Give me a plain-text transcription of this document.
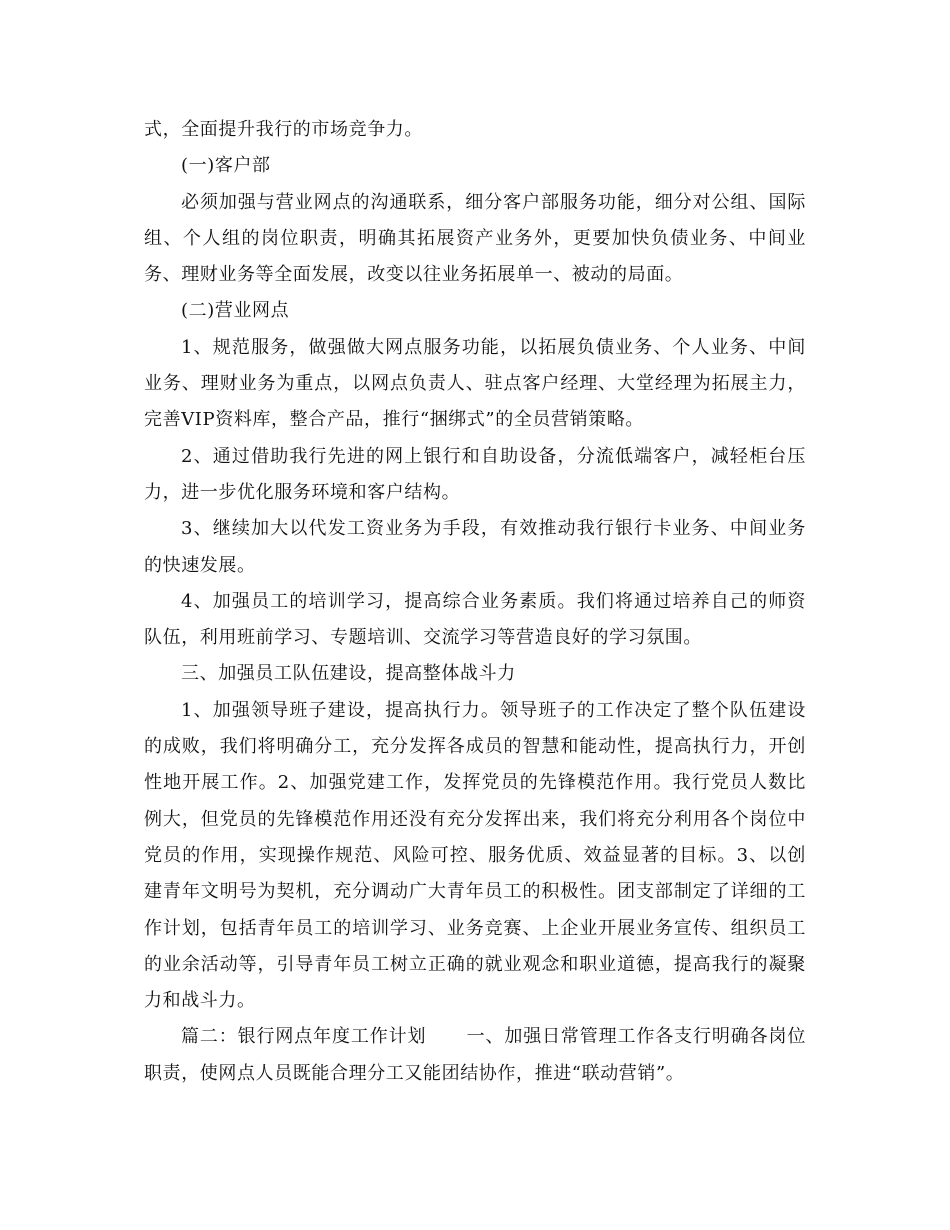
式，全面提升我行的市场竞争力。

(一)客户部

必须加强与营业网点的沟通联系，细分客户部服务功能，细分对公组、国际组、个人组的岗位职责，明确其拓展资产业务外，更要加快负债业务、中间业务、理财业务等全面发展，改变以往业务拓展单一、被动的局面。

(二)营业网点

1、规范服务，做强做大网点服务功能，以拓展负债业务、个人业务、中间业务、理财业务为重点，以网点负责人、驻点客户经理、大堂经理为拓展主力，完善VIP资料库，整合产品，推行“捆绑式”的全员营销策略。

2、通过借助我行先进的网上银行和自助设备，分流低端客户，减轻柜台压力，进一步优化服务环境和客户结构。

3、继续加大以代发工资业务为手段，有效推动我行银行卡业务、中间业务的快速发展。

4、加强员工的培训学习，提高综合业务素质。我们将通过培养自己的师资队伍，利用班前学习、专题培训、交流学习等营造良好的学习氛围。

三、加强员工队伍建设，提高整体战斗力

1、加强领导班子建设，提高执行力。领导班子的工作决定了整个队伍建设的成败，我们将明确分工，充分发挥各成员的智慧和能动性，提高执行力，开创性地开展工作。2、加强党建工作，发挥党员的先锋模范作用。我行党员人数比例大，但党员的先锋模范作用还没有充分发挥出来，我们将充分利用各个岗位中党员的作用，实现操作规范、风险可控、服务优质、效益显著的目标。3、以创建青年文明号为契机，充分调动广大青年员工的积极性。团支部制定了详细的工作计划，包括青年员工的培训学习、业务竞赛、上企业开展业务宣传、组织员工的业余活动等，引导青年员工树立正确的就业观念和职业道德，提高我行的凝聚力和战斗力。

篇二：银行网点年度工作计划 一、加强日常管理工作各支行明确各岗位职责，使网点人员既能合理分工又能团结协作，推进“联动营销”。
